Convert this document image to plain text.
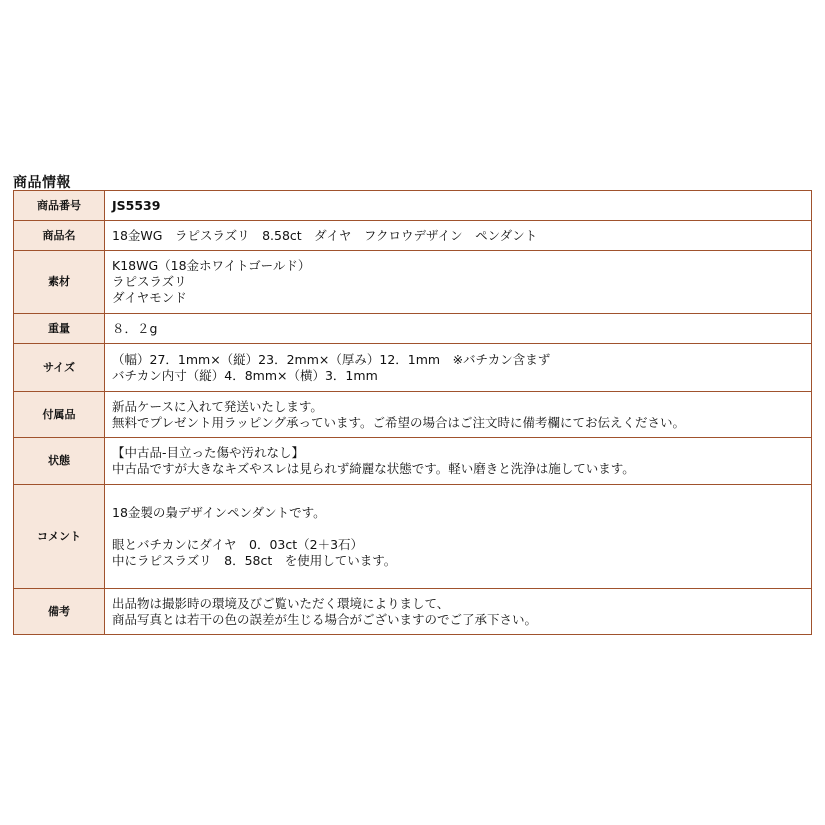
商品情報
商品番号	JS5539

商品名	18金WG　ラピスラズリ　8.58ct　ダイヤ　フクロウデザイン　ペンダント

素材	K18WG（18金ホワイトゴールド）
ラピスラズリ
ダイヤモンド

重量	８．２g

サイズ	（幅）27．1mm×（縦）23．2mm×（厚み）12．1mm　※バチカン含まず
バチカン内寸（縦）4．8mm×（横）3．1mm

付属品	新品ケースに入れて発送いたします。
無料でプレゼント用ラッピング承っています。ご希望の場合はご注文時に備考欄にてお伝えください。

状態	【中古品-目立った傷や汚れなし】
中古品ですが大きなキズやスレは見られず綺麗な状態です。軽い磨きと洗浄は施しています。

コメント	18金製の梟デザインペンダントです。
眼とバチカンにダイヤ　0．03ct（2＋3石）
中にラピスラズリ　8．58ct　を使用しています。

備考	出品物は撮影時の環境及びご覧いただく環境によりまして、
商品写真とは若干の色の誤差が生じる場合がございますのでご了承下さい。
